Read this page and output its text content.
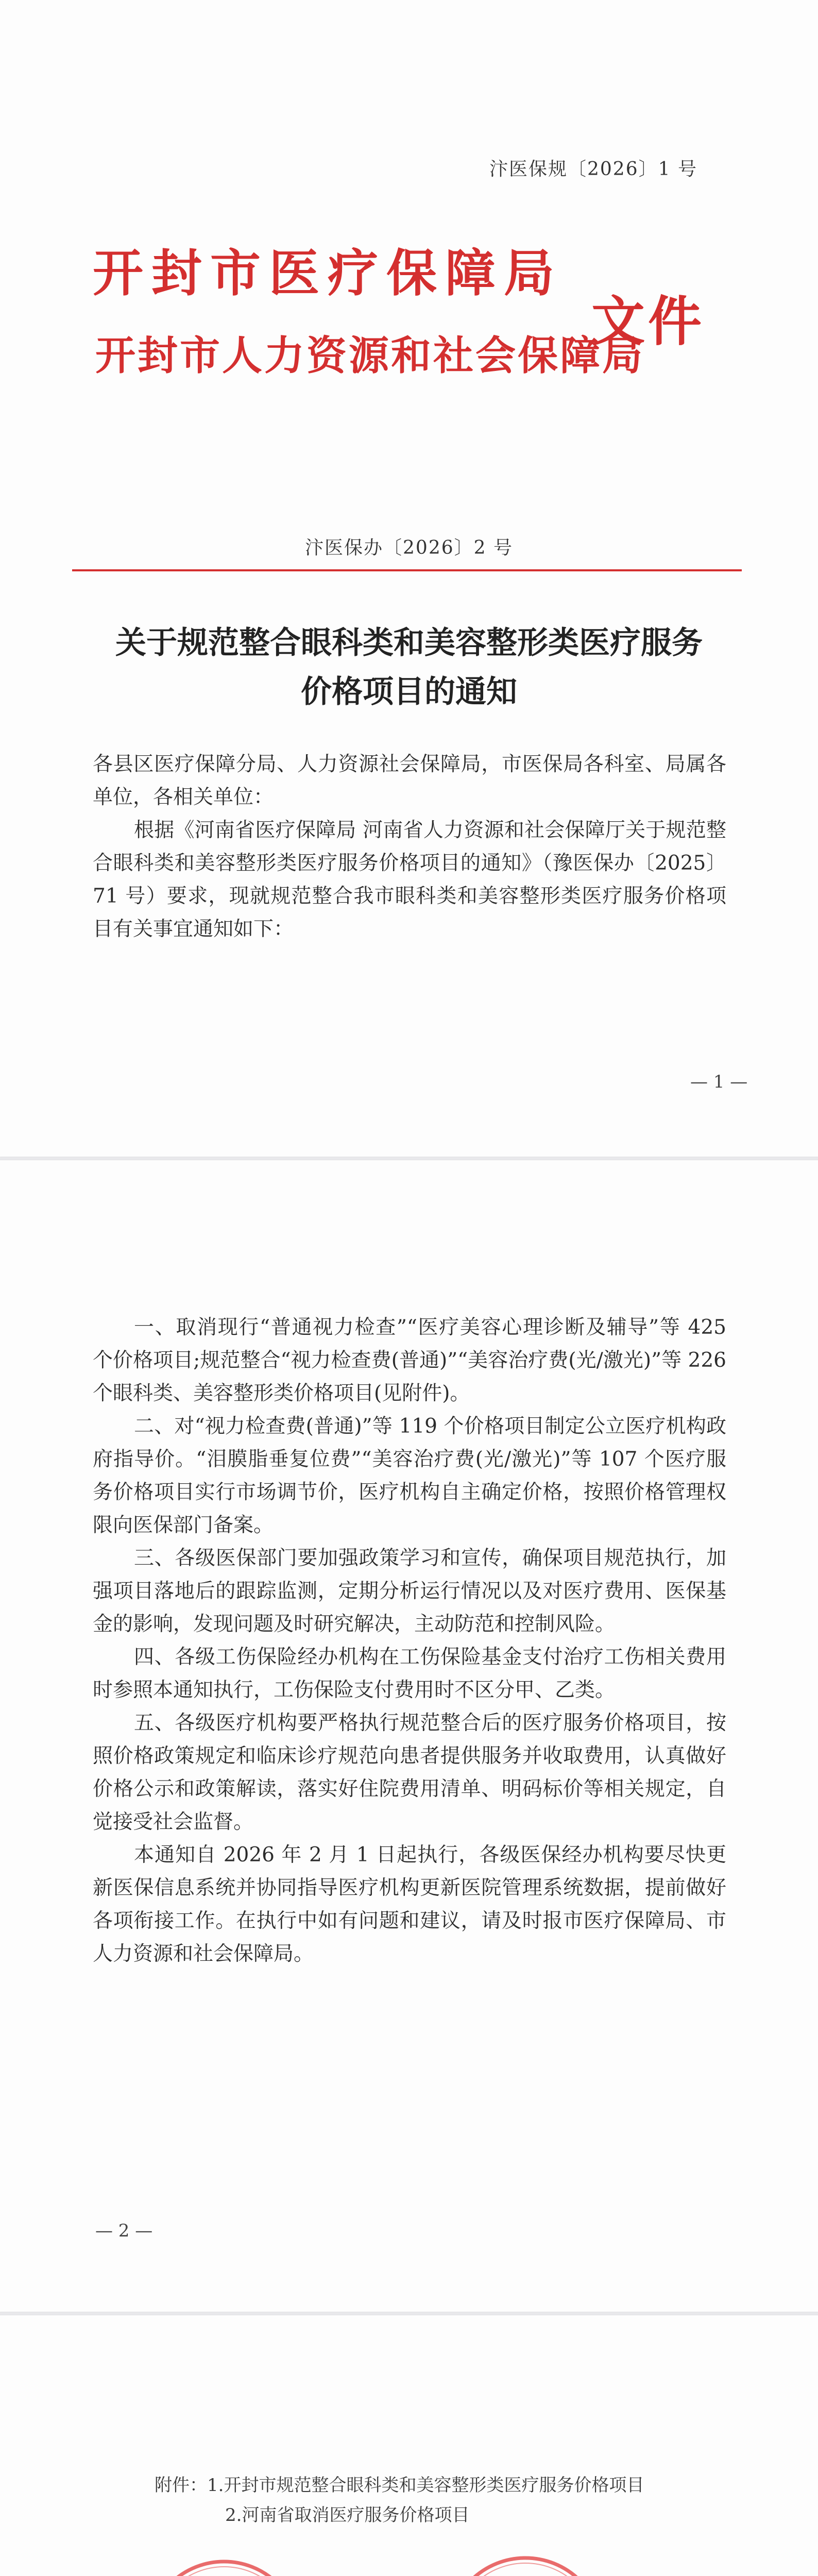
汴医保规〔2026〕1 号
开封市医疗保障局
开封市人力资源和社会保障局
文件
汴医保办〔2026〕2 号
关于规范整合眼科类和美容整形类医疗服务
价格项目的通知
各县区医疗保障分局、人力资源社会保障局，市医保局各科室、局属各单位，各相关单位：
根据《河南省医疗保障局 河南省人力资源和社会保障厅关于规范整合眼科类和美容整形类医疗服务价格项目的通知》（豫医保办〔2025〕71 号）要求，现就规范整合我市眼科类和美容整形类医疗服务价格项目有关事宜通知如下：
— 1 —

一、取消现行“普通视力检查”“医疗美容心理诊断及辅导”等 425 个价格项目;规范整合“视力检查费(普通)”“美容治疗费(光/激光)”等 226 个眼科类、美容整形类价格项目(见附件)。

二、对“视力检查费(普通)”等 119 个价格项目制定公立医疗机构政府指导价。“泪膜脂垂复位费”“美容治疗费(光/激光)”等 107 个医疗服务价格项目实行市场调节价，医疗机构自主确定价格，按照价格管理权限向医保部门备案。

三、各级医保部门要加强政策学习和宣传，确保项目规范执行，加强项目落地后的跟踪监测，定期分析运行情况以及对医疗费用、医保基金的影响，发现问题及时研究解决，主动防范和控制风险。

四、各级工伤保险经办机构在工伤保险基金支付治疗工伤相关费用时参照本通知执行，工伤保险支付费用时不区分甲、乙类。

五、各级医疗机构要严格执行规范整合后的医疗服务价格项目，按照价格政策规定和临床诊疗规范向患者提供服务并收取费用，认真做好价格公示和政策解读，落实好住院费用清单、明码标价等相关规定，自觉接受社会监督。

本通知自 2026 年 2 月 1 日起执行，各级医保经办机构要尽快更新医保信息系统并协同指导医疗机构更新医院管理系统数据，提前做好各项衔接工作。在执行中如有问题和建议，请及时报市医疗保障局、市人力资源和社会保障局。

— 2 —
附件：1.开封市规范整合眼科类和美容整形类医疗服务价格项目
2.河南省取消医疗服务价格项目
